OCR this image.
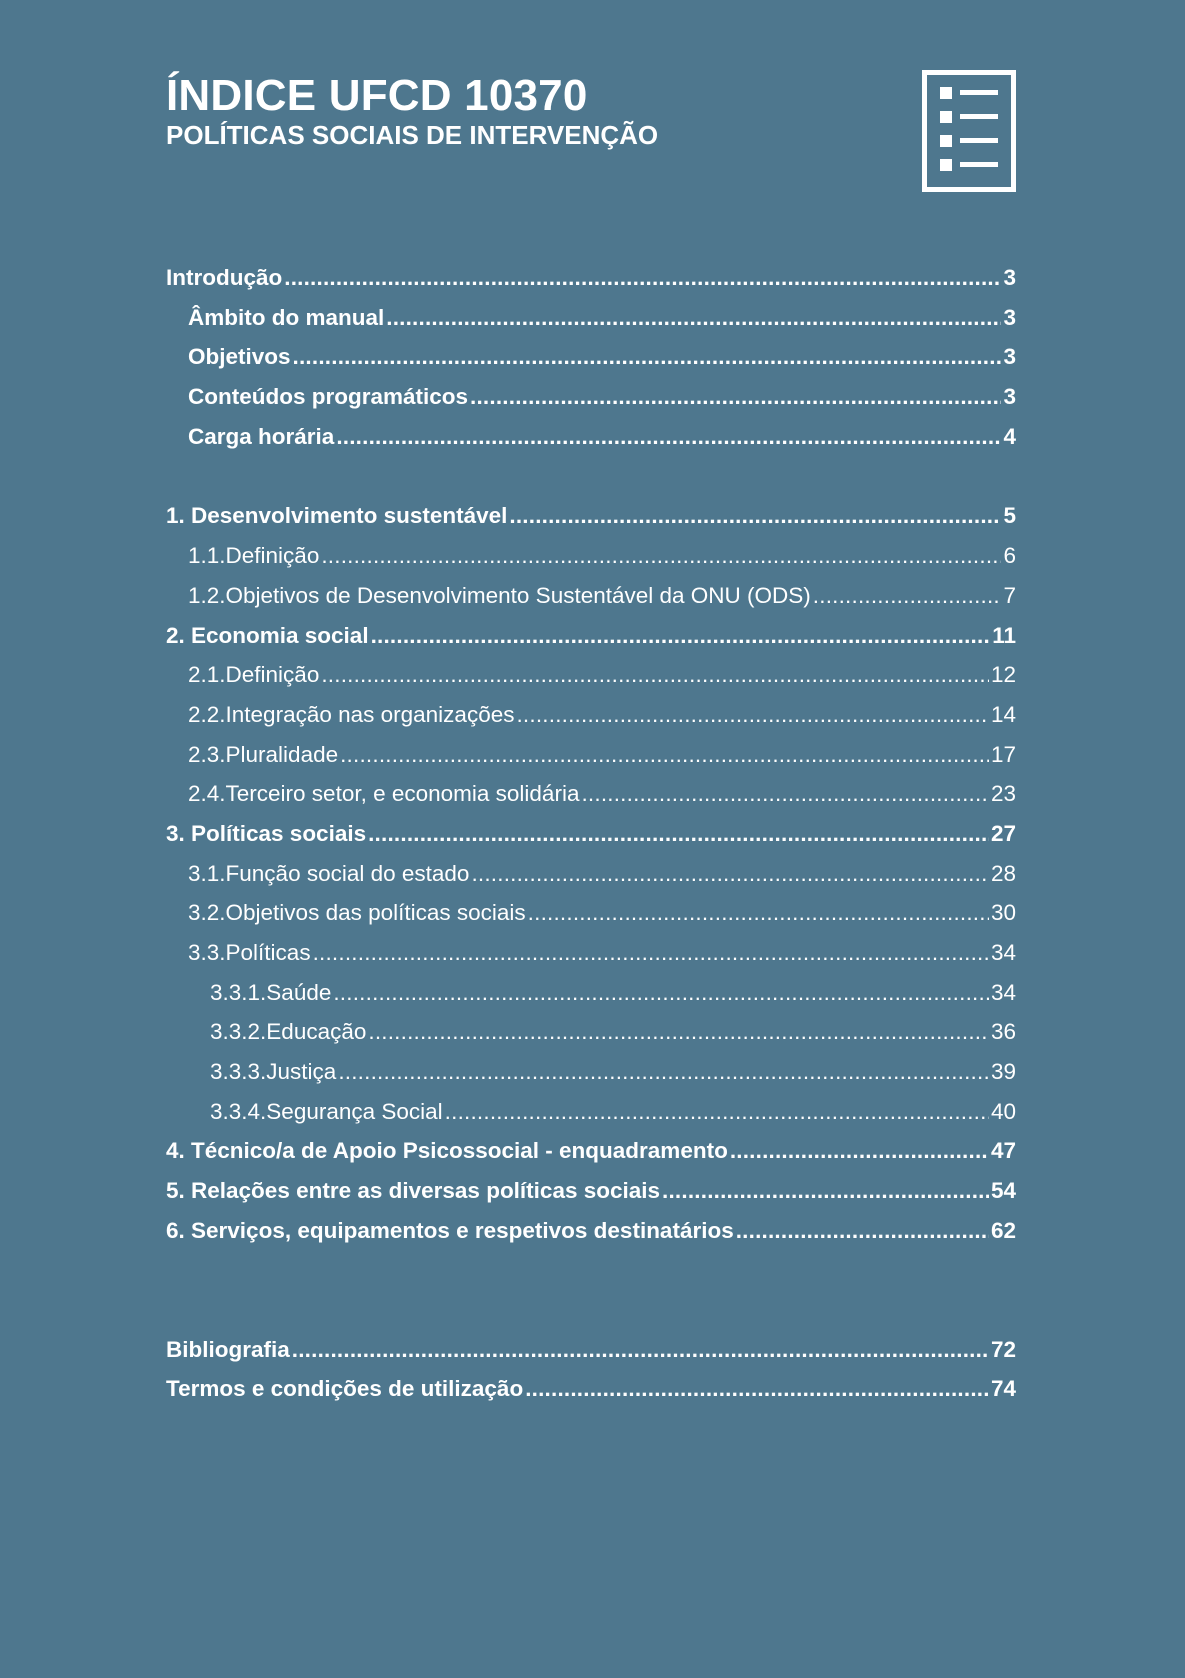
ÍNDICE UFCD 10370
POLÍTICAS SOCIAIS DE INTERVENÇÃO
Introdução .....	3
Âmbito do manual .....	3
Objetivos .....	3
Conteúdos programáticos .....	3
Carga horária .....	4
1. Desenvolvimento sustentável .....	5
1.1.Definição .....	6
1.2.Objetivos de Desenvolvimento Sustentável da ONU (ODS) .....	7
2. Economia social .....	11
2.1.Definição .....	12
2.2.Integração nas organizações .....	14
2.3.Pluralidade .....	17
2.4.Terceiro setor, e economia solidária .....	23
3. Políticas sociais .....	27
3.1.Função social do estado .....	28
3.2.Objetivos das políticas sociais .....	30
3.3.Políticas .....	34
3.3.1.Saúde .....	34
3.3.2.Educação .....	36
3.3.3.Justiça .....	39
3.3.4.Segurança Social .....	40
4. Técnico/a de Apoio Psicossocial - enquadramento .....	47
5. Relações entre as diversas políticas sociais .....	54
6. Serviços, equipamentos e respetivos destinatários .....	62
Bibliografia .....	72
Termos e condições de utilização .....	74
